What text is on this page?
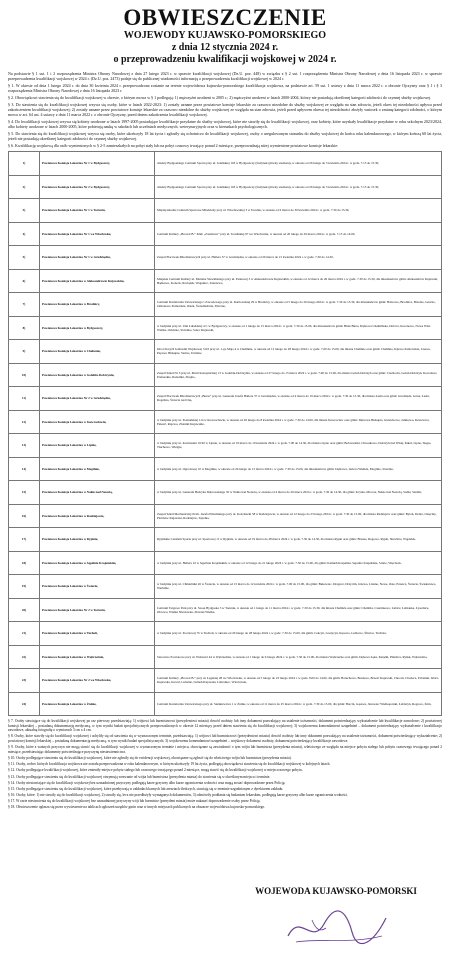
OBWIESZCZENIE
WOJEWODY KUJAWSKO-POMORSKIEGO
z dnia 12 stycznia 2024 r.
o przeprowadzeniu kwalifikacji wojskowej w 2024 r.
Na podstawie § 1 ust. 1 i 2 rozporządzenia Ministra Obrony Narodowej z dnia 27 lutego 2023 r. w sprawie kwalifikacji wojskowej (Dz.U. poz. 448) w związku z § 2 ust. 1 rozporządzenia Ministra Obrony Narodowej z dnia 16 listopada 2023 r. w sprawie przeprowadzenia kwalifikacji wojskowej w 2024 r. (Dz.U. poz. 2473) podaje się do publicznej wiadomości informację o przeprowadzeniu kwalifikacji wojskowej w 2024 r.
§ 1. W okresie od dnia 1 lutego 2024 r. do dnia 30 kwietnia 2024 r. przeprowadzona zostanie na terenie województwa kujawsko-pomorskiego kwalifikacja wojskowa, na podstawie art. 59 ust. 1 ustawy z dnia 11 marca 2022 r. o obronie Ojczyzny oraz § 1 i § 3 rozporządzenia Ministra Obrony Narodowej z dnia 16 listopada 2023 r.
§ 2. Obowiązkowi stawienia się do kwalifikacji wojskowej w okresie, o którym mowa w § 1 podlegają: 1) mężczyźni urodzeni w 2005 r.; 2) mężczyźni urodzeni w latach 2000-2004, którzy nie posiadają określonej kategorii zdolności do czynnej służby wojskowej.
§ 3. Do stawienia się do kwalifikacji wojskowej wzywa się osoby, które w latach 2022-2023: 1) zostały uznane przez powiatowe komisje lekarskie za czasowo niezdolne do służby wojskowej ze względu na stan zdrowia, jeżeli okres tej niezdolności upływa przed zakończeniem kwalifikacji wojskowej; 2) zostały uznane przez powiatowe komisje lekarskie za czasowo niezdolne do służby wojskowej ze względu na stan zdrowia, jeżeli przed upływem okresu tej niezdolności złożyły wniosek o zmianę kategorii zdolności, o którym mowa w art. 64 ust. 4 ustawy z dnia 11 marca 2022 r. o obronie Ojczyzny, przed dniem zakończenia kwalifikacji wojskowej.
§ 4. Do kwalifikacji wojskowej wzywa się kobiety urodzone w latach 1997-2005 posiadające kwalifikacje przydatne do służby wojskowej, które nie stawiły się do kwalifikacji wojskowej, oraz kobiety, które uzyskały kwalifikacje przydatne w roku szkolnym 2023/2024, albo kobiety urodzone w latach 2000-2005, które pobierają naukę w szkołach lub uczelniach medycznych, weterynaryjnych oraz w kierunkach psychologicznych.
§ 5. Do stawienia się do kwalifikacji wojskowej wzywa się osoby, które ukończyły 18 lat życia i zgłosiły się ochotniczo do kwalifikacji wojskowej, osoby o uregulowanym stosunku do służby wojskowej do końca roku kalendarzowego, w którym kończą 60 lat życia, jeżeli nie posiadają określonej kategorii zdolności do czynnej służby wojskowej.
§ 6. Kwalifikację wojskową dla osób wymienionych w § 2-5 zamieszkałych na pobyt stały lub na pobyt czasowy trwający ponad 2 miesiące, przeprowadzają niżej wymienione powiatowe komisje lekarskie:
1)	Powiatowa Komisja Lekarska Nr 1 w Bydgoszczy,	obiekty Bydgoskiego Centrum Sportu przy ul. Gdańskiej 163 w Bydgoszczy (budynek główny stadionu), w okresie od 26 lutego do 5 kwietnia 2024 r. w godz. 7.15 do 15.30,
2)	Powiatowa Komisja Lekarska Nr 2 w Bydgoszczy,	obiekty Bydgoskiego Centrum Sportu przy ul. Gdańskiej 163 w Bydgoszczy (budynek główny stadionu), w okresie od 26 lutego do 5 kwietnia 2024 r. w godz. 7.15 do 15.30,
3)	Powiatowa Komisja Lekarska Nr 1 w Toruniu,	Międzyszkolne Centrum Sportowe Młodzieży przy ul. Włocławskiej 3 w Toruniu, w okresie od 6 marca do 30 kwietnia 2024 r. w godz. 7.30 do 15.30,
4)	Powiatowa Komisja Lekarska Nr 1 we Włocławku,	Centrum Kultury „Browar B.” Klub „Zazamcze” przy ul. Toruńskiej 97 we Włocławku, w okresie od 26 lutego do 29 marca 2024 r. w godz. 7.15 do 14.00,
5)	Powiatowa Komisja Lekarska Nr 1 w Grudziądzu,	Zespół Placówek Młodzieżowych przy ul. Hallera 37 w Grudziądzu, w okresie od 20 marca do 15 kwietnia 2024 r. w godz. 7.30 do 14.30,
6)	Powiatowa Komisja Lekarska w Aleksandrowie Kujawskim,	Miejskie Centrum Kultury ul. Mariana Słowińskiego przy ul. Parkowej 3 w Aleksandrowie Kujawskim, w okresie od 12 marca do 26 marca 2024 r. w godz. 7.30 do 15.30, dla mieszkańców gmin: Aleksandrów Kujawski, Bądkowo, Koneck, Raciążek, Waganiec, Zakrzewo,
7)	Powiatowa Komisja Lekarska w Brodnicy,	Centrum Kształcenia Ustawicznego i Zawodowego przy ul. Karbowskiej 29 w Brodnicy, w okresie od 5 lutego do 26 lutego 2024 r. w godz. 7.30 do 15.30, dla mieszkańców gmin: Bobrowo, Brodnica, Brzozie, Górzno, Jabłonowo Pomorskie, Osiek, Świedziebnia, Zbiczno,
8)	Powiatowa Komisja Lekarska w Bydgoszczy,	w budynku przy ul. Ułał Lubelskiej 4 C w Bydgoszczy, w okresie od 1 lutego do 15 marca 2024 r. w godz. 7.30 do 15.00, dla mieszkańców gmin: Białe Błota, Dąbrowa Chełmińska, Dobrcz, Koronowo, Nowa Wieś Wielka, Osielsko, Sicienko, Solec Kujawski,
9)	Powiatowa Komisja Lekarska w Chełmnie,	Izba Chorych Jednostki Wojskowej 3116 przy ul. 1-go Maja 4 w Chełmnie, w okresie od 12 lutego do 28 lutego 2024 r. w godz. 7.00 do 15.00, dla miasta Chełmno oraz gmin: Chełmno, Kijewo Królewskie, Lisewo, Papowo Biskupie, Stolno, Unisław,
10)	Powiatowa Komisja Lekarska w Golubiu-Dobrzyniu,	Zespół Szkół Nr 3 przy ul. Marii Konopnickiej 13 w Golubiu-Dobrzyniu, w okresie od 27 lutego do 13 marca 2024 r. w godz. 7.00 do 15.00, dla miasta Golub-Dobrzyń oraz gmin: Ciechocin, Golub-Dobrzyń, Kowalewo Pomorskie, Radomin, Zbójno,
11)	Powiatowa Komisja Lekarska Nr 2 w Grudziądzu,	Zespół Placówek Młodzieżowych „Bursa” przy ul. Generała Józefa Hallera 37 w Grudziądzu, w okresie od 4 marca do 19 marca 2024 r. w godz. 7.30 do 15.30, dla miasta Łasin oraz gmin: Grudziądz, Gruta, Łasin, Rogóźno, Świecie nad Osą,
12)	Powiatowa Komisja Lekarska w Inowrocławiu,	w budynku przy ul. Poznańskiej 114 w Inowrocławiu, w okresie od 26 lutego do 8 kwietnia 2024 r. w godz. 7.30 do 14.00, dla miasta Inowrocław oraz gmin: Dąbrowa Biskupia, Gniewkowo, Janikowo, Kruszwica, Pakość, Rojewo, Złotniki Kujawskie,
13)	Powiatowa Komisja Lekarska w Lipnie,	w budynku przy ul. Kościuszki 10/20 w Lipnie, w okresie od 19 marca do 10 kwietnia 2024 r. w godz. 7.00 do 14.30, dla miasta Lipno oraz gmin: Bobrowniki, Chrostkowo, Dobrzyń nad Wisłą, Kikół, Lipno, Skępe, Tłuchowo, Wielgie,
14)	Powiatowa Komisja Lekarska w Mogilnie,	w budynku przy ul. Ogrodowej 10 w Mogilnie, w okresie od 26 lutego do 15 marca 2024 r. w godz. 7.30 do 15.00, dla mieszkańców gmin: Dąbrowa, Jeziora Wielkie, Mogilno, Strzelno,
15)	Powiatowa Komisja Lekarska w Nakle nad Notecią,	w budynku przy ul. Generała Henryka Dąbrowskiego 50 w Nakle nad Notecią, w okresie od 4 marca do 26 marca 2024 r. w godz. 7.30 do 14.30, dla gmin: Kcynia, Mrocza, Nakło nad Notecią, Sadki, Szubin,
16)	Powiatowa Komisja Lekarska w Radziejowie,	Zespół Szkół Mechanicznych im. Józefa Piłsudskiego przy ul. Kościuszki 58 w Radziejowie, w okresie od 12 lutego do 23 lutego 2024 r. w godz. 7.30 do 15.00, dla miasta Radziejów oraz gmin: Bytoń, Dobre, Osięciny, Piotrków Kujawski, Radziejów, Topólka,
17)	Powiatowa Komisja Lekarska w Rypinie,	Rypińskie Centrum Sportu przy ul. Sportowej 11 w Rypinie, w okresie od 19 marca do 28 marca 2024 r. w godz. 7.30 do 14.30, dla miasta Rypin oraz gmin: Brzuze, Rogowo, Rypin, Skrwilno, Wąpielsk,
18)	Powiatowa Komisja Lekarska w Sępólnie Krajeńskim,	w budynku przy ul. Hallera 10 w Sępólnie Krajeńskim, w okresie od 12 lutego do 21 lutego 2024 r. w godz. 7.30 do 15.00, dla gmin: Kamień Krajeński, Sępólno Krajeńskie, Sośno, Więcbork,
19)	Powiatowa Komisja Lekarska w Świeciu,	w budynku przy ul. Chmielniki 26 w Świeciu, w okresie od 15 marca do 12 kwietnia 2024 r. w godz. 7.00 do 15.00, dla gmin: Bukowiec, Dragacz, Drzycim, Jeżewo, Lniano, Nowe, Osie, Pruszcz, Świecie, Świekatowo, Warlubie,
20)	Powiatowa Komisja Lekarska Nr 2 w Toruniu,	Centrum Targowe Park przy ul. Szosa Bydgoska 3 w Toruniu, w okresie od 1 lutego do 11 marca 2024 r. w godz. 7.30 do 15.30, dla miasta Chełmża oraz gmin: Chełmża, Czernikowo, Lubicz, Łubianka, Łysomice, Obrowo, Wielka Nieszawka, Zławieś Wielka,
21)	Powiatowa Komisja Lekarska w Tucholi,	w budynku przy ul. Pocztowej 7b w Tucholi, w okresie od 20 lutego do 28 lutego 2024 r. w godz. 7.30 do 15.00, dla gmin: Cekcyn, Gostycyn, Kęsowo, Lubiewo, Śliwice, Tuchola,
22)	Powiatowa Komisja Lekarska w Wąbrzeźnie,	Starostwo Powiatowe przy ul. Wolności 44 w Wąbrzeźnie, w okresie od 1 lutego do 9 lutego 2024 r. w godz. 7.30 do 15.00, dla miasta Wąbrzeźno oraz gmin: Dębowa Łąka, Książki, Płużnica, Ryńsk, Wąbrzeźno,
23)	Powiatowa Komisja Lekarska Nr 2 we Włocławku,	Centrum Kultury „Browar B.” przy ul. Łęgskiej 28 we Włocławku, w okresie od 5 lutego do 23 lutego 2024 r. w godz. 8.00 do 14.00, dla gmin: Baruchowo, Boniewo, Brześć Kujawski, Choceń, Chodecz, Fabianki, Izbica Kujawska, Kowal, Lubanie, Lubień Kujawski, Lubraniec, Włocławek,
24)	Powiatowa Komisja Lekarska w Żninie,	Centrum Kształcenia Ustawicznego przy ul. Sienkiewicza 1 w Żninie, w okresie od 11 marca do 25 marca 2024 r. w godz. 7.30 do 15.00, dla gmin: Barcin, Gąsawa, Janowiec Wielkopolski, Łabiszyn, Rogowo, Żnin,
§ 7. Osoby stawiające się do kwalifikacji wojskowej po raz pierwszy przedstawiają: 1) wójtowi lub burmistrzowi (prezydentowi miasta) dowód osobisty lub inny dokument pozwalający na ustalenie tożsamości, dokument potwierdzający wykształcenie lub kwalifikacje zawodowe; 2) powiatowej komisji lekarskiej – posiadaną dokumentację medyczną, w tym wyniki badań specjalistycznych przeprowadzonych w okresie 12 miesięcy przed dniem stawienia się do kwalifikacji wojskowej; 3) wojskowemu komendantowi uzupełnień – dokument potwierdzający wykształcenie i kwalifikacje zawodowe, aktualną fotografię o wymiarach 3 cm x 4 cm.
§ 8. Osoby, które stawiły się do kwalifikacji wojskowej i uchyliły się od stawienia się w wyznaczonym terminie, przedstawiają: 1) wójtowi lub burmistrzowi (prezydentowi miasta) dowód osobisty lub inny dokument pozwalający na ustalenie tożsamości, dokument potwierdzający wykształcenie; 2) powiatowej komisji lekarskiej – posiadaną dokumentację medyczną, w tym wyniki badań specjalistycznych; 3) wojskowemu komendantowi uzupełnień – wojskowy dokument osobisty, dokument potwierdzający kwalifikacje zawodowe.
§ 9. Osoby, które z ważnych przyczyn nie mogą stawić się do kwalifikacji wojskowej w wyznaczonym terminie i miejscu, obowiązane są zawiadomić o tym wójta lub burmistrza (prezydenta miasta), właściwego ze względu na miejsce pobytu stałego lub pobytu czasowego trwającego ponad 2 miesiące, przedstawiając dokumenty potwierdzające przyczynę niestawiennictwa.
§ 10. Osoby podlegające stawieniu się do kwalifikacji wojskowej, które nie zgłosiły się do ewidencji wojskowej, obowiązane są zgłosić się do właściwego wójta lub burmistrza (prezydenta miasta).
§ 11. Osoby, wobec których kwalifikacja wojskowa nie została przeprowadzona w roku kalendarzowym, w którym ukończyły 19 lat życia, podlegają obowiązkowi stawienia się do kwalifikacji wojskowej w kolejnych latach.
§ 12. Osoby podlegające kwalifikacji wojskowej, które zmieniły miejsce pobytu stałego lub czasowego trwającego ponad 2 miesiące, mogą stawić się do kwalifikacji wojskowej w miejscu nowego pobytu.
§ 13. Osoby podlegające stawieniu się do kwalifikacji wojskowej otrzymują wezwanie od wójta lub burmistrza (prezydenta miasta) do stawienia się w określonym miejscu i terminie.
§ 14. Osoby niestawiające się do kwalifikacji wojskowej bez uzasadnionej przyczyny podlegają karze grzywny albo karze ograniczenia wolności oraz mogą zostać doprowadzone przez Policję.
§ 15. Osoby podlegające stawieniu się do kwalifikacji wojskowej, które przebywają w zakładach karnych lub aresztach śledczych, stawiają się w terminie uzgodnionym z dyrektorem zakładu.
§ 16. Osoby, które: 1) nie stawiły się do kwalifikacji wojskowej, 2) stawiły się, lecz nie przedłożyły wymaganych dokumentów, 3) odmówiły poddania się badaniom lekarskim, podlegają karze grzywny albo karze ograniczenia wolności.
§ 17. W razie niestawienia się do kwalifikacji wojskowej bez uzasadnionej przyczyny wójt lub burmistrz (prezydent miasta) może nakazać doprowadzenie osoby przez Policję.
§ 18. Obwieszczenie ogłasza się przez wywieszenie na tablicach ogłoszeń urzędów gmin oraz w innych miejscach publicznych na obszarze województwa kujawsko-pomorskiego.
WOJEWODA KUJAWSKO-POMORSKI
